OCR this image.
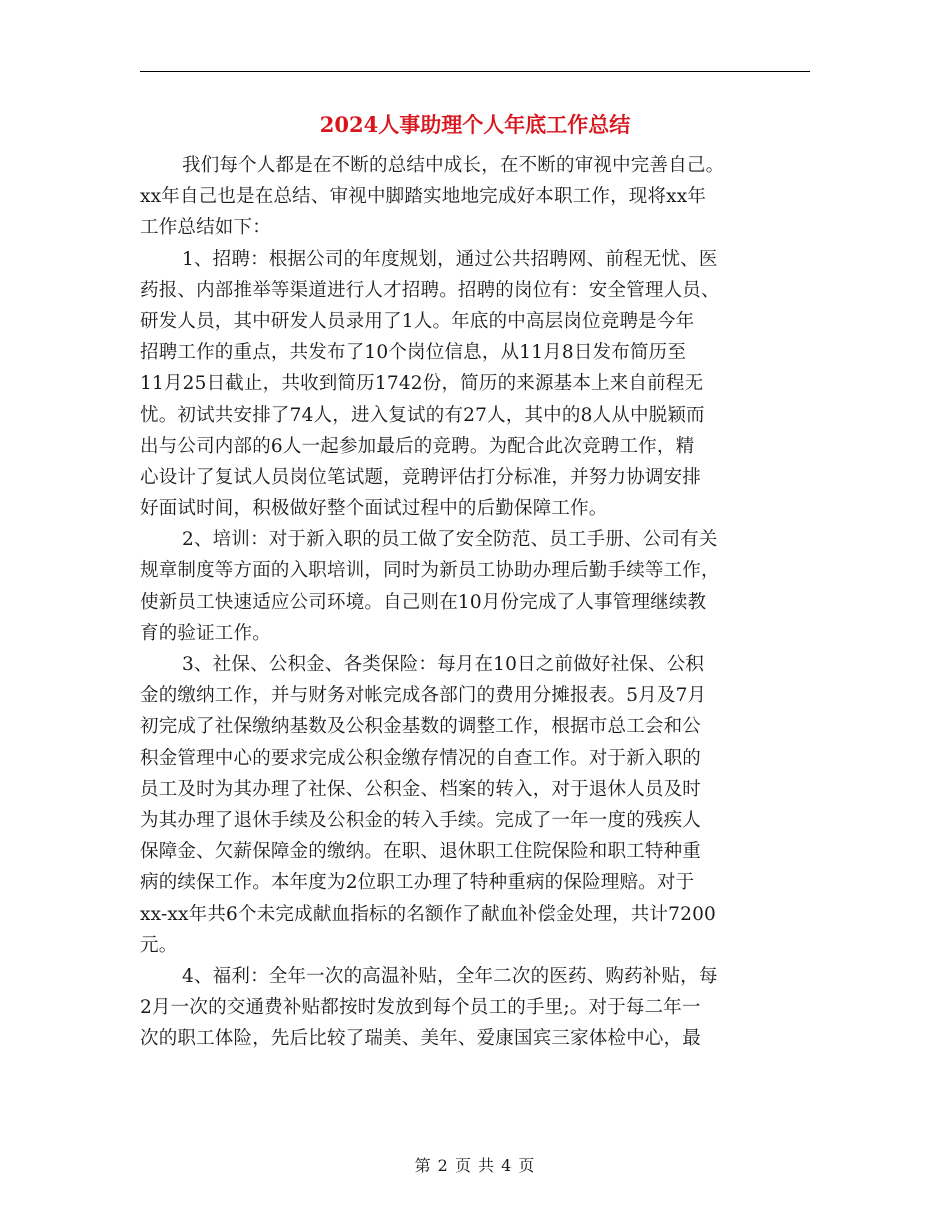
2024人事助理个人年底工作总结
我们每个人都是在不断的总结中成长，在不断的审视中完善自己。
xx年自己也是在总结、审视中脚踏实地地完成好本职工作，现将xx年
工作总结如下：
1、招聘：根据公司的年度规划，通过公共招聘网、前程无忧、医
药报、内部推举等渠道进行人才招聘。招聘的岗位有：安全管理人员、
研发人员，其中研发人员录用了1人。年底的中高层岗位竞聘是今年
招聘工作的重点，共发布了10个岗位信息，从11月8日发布简历至
11月25日截止，共收到简历1742份，简历的来源基本上来自前程无
忧。初试共安排了74人，进入复试的有27人，其中的8人从中脱颖而
出与公司内部的6人一起参加最后的竞聘。为配合此次竞聘工作，精
心设计了复试人员岗位笔试题，竞聘评估打分标准，并努力协调安排
好面试时间，积极做好整个面试过程中的后勤保障工作。
2、培训：对于新入职的员工做了安全防范、员工手册、公司有关
规章制度等方面的入职培训，同时为新员工协助办理后勤手续等工作，
使新员工快速适应公司环境。自己则在10月份完成了人事管理继续教
育的验证工作。
3、社保、公积金、各类保险：每月在10日之前做好社保、公积
金的缴纳工作，并与财务对帐完成各部门的费用分摊报表。5月及7月
初完成了社保缴纳基数及公积金基数的调整工作，根据市总工会和公
积金管理中心的要求完成公积金缴存情况的自查工作。对于新入职的
员工及时为其办理了社保、公积金、档案的转入，对于退休人员及时
为其办理了退休手续及公积金的转入手续。完成了一年一度的残疾人
保障金、欠薪保障金的缴纳。在职、退休职工住院保险和职工特种重
病的续保工作。本年度为2位职工办理了特种重病的保险理赔。对于
xx-xx年共6个未完成献血指标的名额作了献血补偿金处理，共计7200
元。
4、福利：全年一次的高温补贴，全年二次的医药、购药补贴，每
2月一次的交通费补贴都按时发放到每个员工的手里;。对于每二年一
次的职工体险，先后比较了瑞美、美年、爱康国宾三家体检中心，最
第 2 页 共 4 页
